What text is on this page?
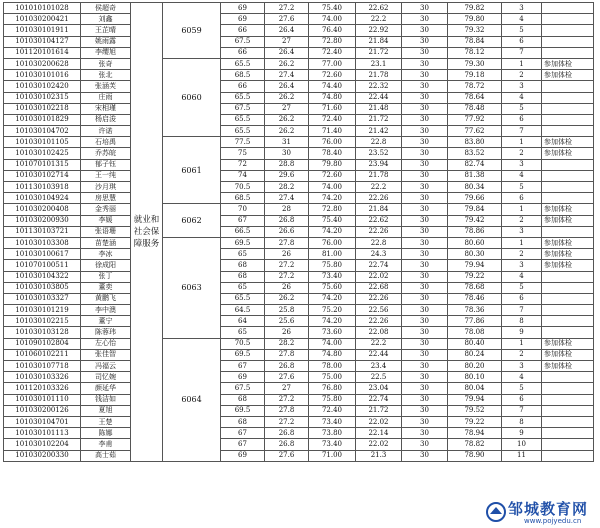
101010101028	侯超奇	就业和社会保障服务	6059	69	27.2	75.40	22.62	30	79.82	3	
101030200421	刘鑫			69	27.6	74.00	22.2	30	79.80	4	
101030101911	王芷晴			66	26.4	76.40	22.92	30	79.32	5	
101030104127	姚雨露			67.5	27	72.80	21.84	30	78.84	6	
101120101614	李缨旭			66	26.4	72.40	21.72	30	78.12	7	
101030200628	张奇		6060	65.5	26.2	77.00	23.1	30	79.30	1	参加体检
101030101016	张北			68.5	27.4	72.60	21.78	30	79.18	2	参加体检
101030102420	张涵芙			66	26.4	74.40	22.32	30	78.72	3	
101030102315	庄雨			65.5	26.2	74.80	22.44	30	78.64	4	
101030102218	宋相瑾			67.5	27	71.60	21.48	30	78.48	5	
101030101829	杨启浚			65.5	26.2	72.40	21.72	30	77.92	6	
101030104702	许诺			65.5	26.2	71.40	21.42	30	77.62	7	
101030101105	石培禹		6061	77.5	31	76.00	22.8	30	83.80	1	参加体检
101030102425	乔苏皖			75	30	78.40	23.52	30	83.52	2	参加体检
101070101315	郁子钰			72	28.8	79.80	23.94	30	82.74	3	
101030102714	王一纯			74	29.6	72.60	21.78	30	81.38	4	
101130103918	沙月琪			70.5	28.2	74.00	22.2	30	80.34	5	
101030104924	房思慧			68.5	27.4	74.20	22.26	30	79.66	6	
101030200408	金秀丽		6062	70	28	72.80	21.84	30	79.84	1	参加体检
101030200930	李媛			67	26.8	75.40	22.62	30	79.42	2	参加体检
101130103721	张语珊			66.5	26.6	74.20	22.26	30	78.86	3	
101030103308	苗楚涵		6063	69.5	27.8	76.00	22.8	30	80.60	1	参加体检
101030100617	李冰			65	26	81.00	24.3	30	80.30	2	参加体检
101070100511	徐成阳			68	27.2	75.80	22.74	30	79.94	3	参加体检
101030104322	张丁			68	27.2	73.40	22.02	30	79.22	4	
101030103805	董奕			65	26	75.60	22.68	30	78.68	5	
101030103327	黄鹏飞			65.5	26.2	74.20	22.26	30	78.46	6	
101030101219	李中澳			64.5	25.8	75.20	22.56	30	78.36	7	
101030102215	董宁			64	25.6	74.20	22.26	30	77.86	8	
101030103128	陈蓉玮			65	26	73.60	22.08	30	78.08	9	
101090102804	左心怡		6064	70.5	28.2	74.00	22.2	30	80.40	1	参加体检
101060102211	张佳智			69.5	27.8	74.80	22.44	30	80.24	2	参加体检
101030107718	冯福云			67	26.8	78.00	23.4	30	80.20	3	参加体检
101030103326	司忆婉			69	27.6	75.00	22.5	30	80.10	4	
101120103326	颜延华			67.5	27	76.80	23.04	30	80.04	5	
101030101110	钱洁如			68	27.2	75.80	22.74	30	79.94	6	
101030200126	夏旭			69.5	27.8	72.40	21.72	30	79.52	7	
101030104701	王楚			68	27.2	73.40	22.02	30	79.22	8	
101030101113	陈娜			67	26.8	73.80	22.14	30	78.94	9	
101030102204	李甫			67	26.8	73.40	22.02	30	78.82	10	
101030200330	高士茹			69	27.6	71.00	21.3	30	78.90	11	
邹城教育网
www.pojyedu.cn
